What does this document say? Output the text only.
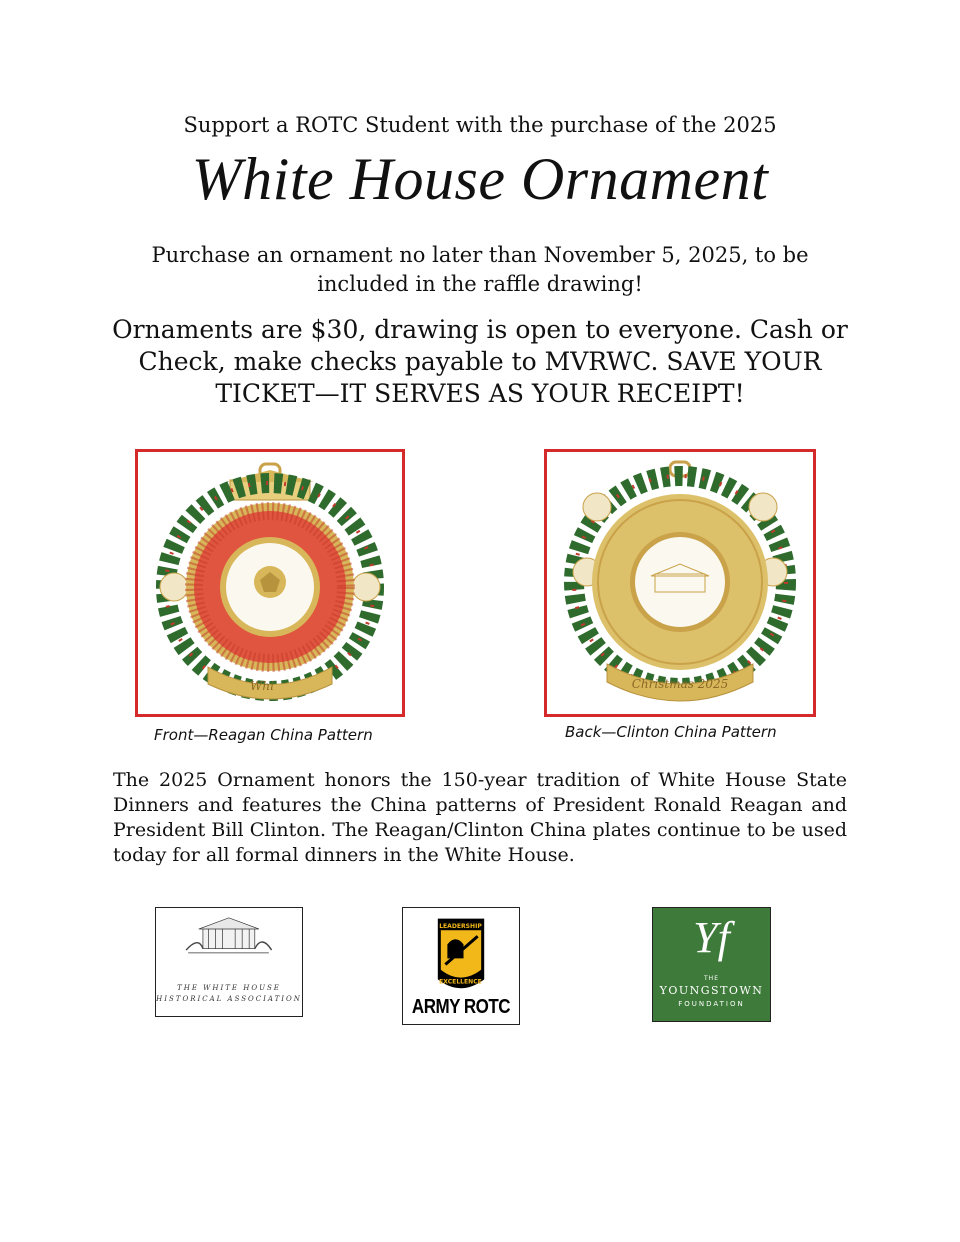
Support a ROTC Student with the purchase of the 2025
White House Ornament
Purchase an ornament no later than November 5, 2025, to be included in the raffle drawing!
Ornaments are $30, drawing is open to everyone. Cash or Check, make checks payable to MVRWC. SAVE YOUR TICKET—IT SERVES AS YOUR RECEIPT!
Whi	Christmas 2025
Front—Reagan China Pattern	Back—Clinton China Pattern
The 2025 Ornament honors the 150-year tradition of White House State Dinners and features the China patterns of President Ronald Reagan and President Bill Clinton. The Reagan/Clinton China plates continue to be used today for all formal dinners in the White House.
THE WHITE HOUSE
HISTORICAL ASSOCIATION
LEADERSHIP
EXCELLENCE
ARMY ROTC
Yf
THE
YOUNGSTOWN
FOUNDATION
